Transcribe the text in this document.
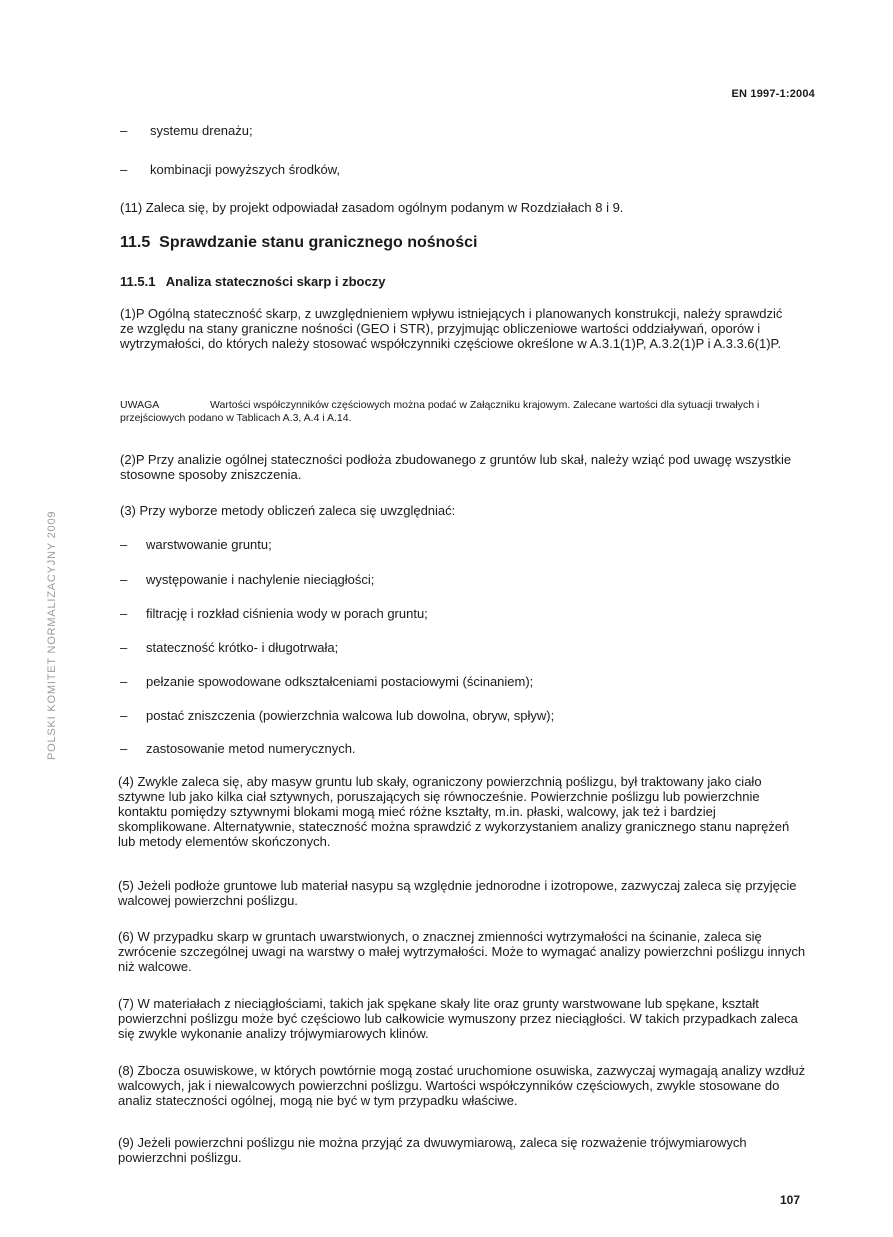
EN 1997-1:2004
POLSKI KOMITET NORMALIZACYJNY 2009
– systemu drenażu;
– kombinacji powyższych środków,
(11) Zaleca się, by projekt odpowiadał zasadom ogólnym podanym w Rozdziałach 8 i 9.
11.5 Sprawdzanie stanu granicznego nośności
11.5.1 Analiza stateczności skarp i zboczy
(1)P Ogólną stateczność skarp, z uwzględnieniem wpływu istniejących i planowanych konstrukcji, należy sprawdzić ze względu na stany graniczne nośności (GEO i STR), przyjmując obliczeniowe wartości oddziaływań, oporów i wytrzymałości, do których należy stosować współczynniki częściowe określone w A.3.1(1)P, A.3.2(1)P i A.3.3.6(1)P.
UWAGA	Wartości współczynników częściowych można podać w Załączniku krajowym. Zalecane wartości dla sytuacji trwałych i przejściowych podano w Tablicach A.3, A.4 i A.14.
(2)P Przy analizie ogólnej stateczności podłoża zbudowanego z gruntów lub skał, należy wziąć pod uwagę wszystkie stosowne sposoby zniszczenia.
(3) Przy wyborze metody obliczeń zaleca się uwzględniać:
– warstwowanie gruntu;
– występowanie i nachylenie nieciągłości;
– filtrację i rozkład ciśnienia wody w porach gruntu;
– stateczność krótko- i długotrwała;
– pełzanie spowodowane odkształceniami postaciowymi (ścinaniem);
– postać zniszczenia (powierzchnia walcowa lub dowolna, obryw, spływ);
– zastosowanie metod numerycznych.
(4) Zwykle zaleca się, aby masyw gruntu lub skały, ograniczony powierzchnią poślizgu, był traktowany jako ciało sztywne lub jako kilka ciał sztywnych, poruszających się równocześnie. Powierzchnie poślizgu lub powierzchnie kontaktu pomiędzy sztywnymi blokami mogą mieć różne kształty, m.in. płaski, walcowy, jak też i bardziej skomplikowane. Alternatywnie, stateczność można sprawdzić z wykorzystaniem analizy granicznego stanu naprężeń lub metody elementów skończonych.
(5) Jeżeli podłoże gruntowe lub materiał nasypu są względnie jednorodne i izotropowe, zazwyczaj zaleca się przyjęcie walcowej powierzchni poślizgu.
(6) W przypadku skarp w gruntach uwarstwionych, o znacznej zmienności wytrzymałości na ścinanie, zaleca się zwrócenie szczególnej uwagi na warstwy o małej wytrzymałości. Może to wymagać analizy powierzchni poślizgu innych niż walcowe.
(7) W materiałach z nieciągłościami, takich jak spękane skały lite oraz grunty warstwowane lub spękane, kształt powierzchni poślizgu może być częściowo lub całkowicie wymuszony przez nieciągłości. W takich przypadkach zaleca się zwykle wykonanie analizy trójwymiarowych klinów.
(8) Zbocza osuwiskowe, w których powtórnie mogą zostać uruchomione osuwiska, zazwyczaj wymagają analizy wzdłuż walcowych, jak i niewalcowych powierzchni poślizgu. Wartości współczynników częściowych, zwykle stosowane do analiz stateczności ogólnej, mogą nie być w tym przypadku właściwe.
(9) Jeżeli powierzchni poślizgu nie można przyjąć za dwuwymiarową, zaleca się rozważenie trójwymiarowych powierzchni poślizgu.
107
